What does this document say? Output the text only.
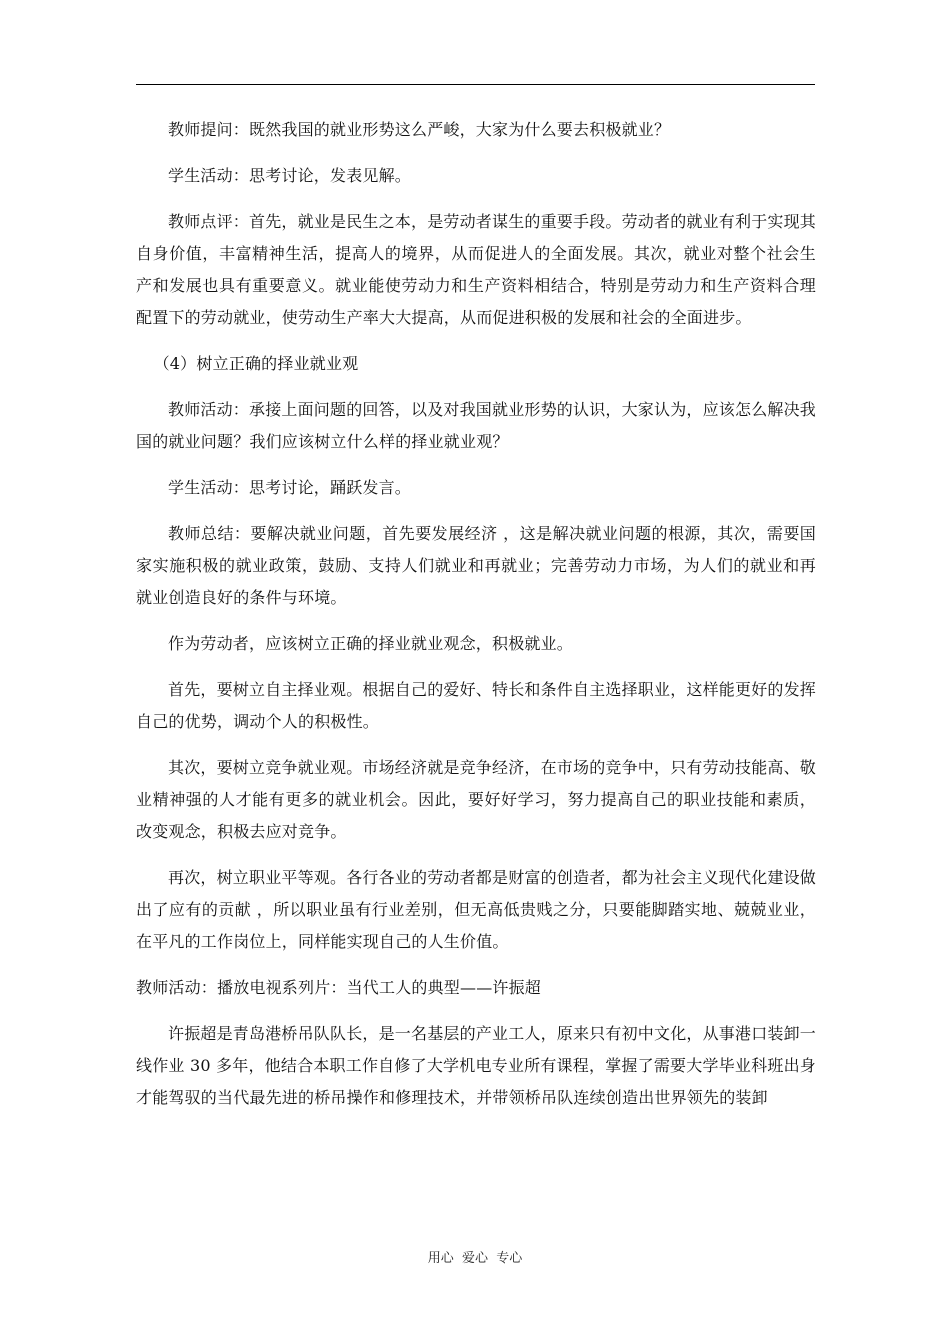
教师提问：既然我国的就业形势这么严峻，大家为什么要去积极就业？

学生活动：思考讨论，发表见解。

教师点评：首先，就业是民生之本，是劳动者谋生的重要手段。劳动者的就业有利于实现其自身价值，丰富精神生活，提高人的境界，从而促进人的全面发展。其次，就业对整个社会生产和发展也具有重要意义。就业能使劳动力和生产资料相结合，特别是劳动力和生产资料合理配置下的劳动就业，使劳动生产率大大提高，从而促进积极的发展和社会的全面进步。

（4）树立正确的择业就业观

教师活动：承接上面问题的回答，以及对我国就业形势的认识，大家认为，应该怎么解决我国的就业问题？我们应该树立什么样的择业就业观？

学生活动：思考讨论，踊跃发言。

教师总结：要解决就业问题，首先要发展经济 ，这是解决就业问题的根源，其次，需要国家实施积极的就业政策，鼓励、支持人们就业和再就业；完善劳动力市场，为人们的就业和再就业创造良好的条件与环境。

作为劳动者，应该树立正确的择业就业观念，积极就业。

首先，要树立自主择业观。根据自己的爱好、特长和条件自主选择职业，这样能更好的发挥自己的优势，调动个人的积极性。

其次，要树立竞争就业观。市场经济就是竞争经济，在市场的竞争中，只有劳动技能高、敬业精神强的人才能有更多的就业机会。因此，要好好学习，努力提高自己的职业技能和素质，改变观念，积极去应对竞争。

再次，树立职业平等观。各行各业的劳动者都是财富的创造者，都为社会主义现代化建设做出了应有的贡献 ，所以职业虽有行业差别，但无高低贵贱之分，只要能脚踏实地、兢兢业业，在平凡的工作岗位上，同样能实现自己的人生价值。

教师活动：播放电视系列片：当代工人的典型——许振超

许振超是青岛港桥吊队队长，是一名基层的产业工人，原来只有初中文化，从事港口装卸一线作业 30 多年，他结合本职工作自修了大学机电专业所有课程，掌握了需要大学毕业科班出身才能驾驭的当代最先进的桥吊操作和修理技术，并带领桥吊队连续创造出世界领先的装卸

用心  爱心  专心
